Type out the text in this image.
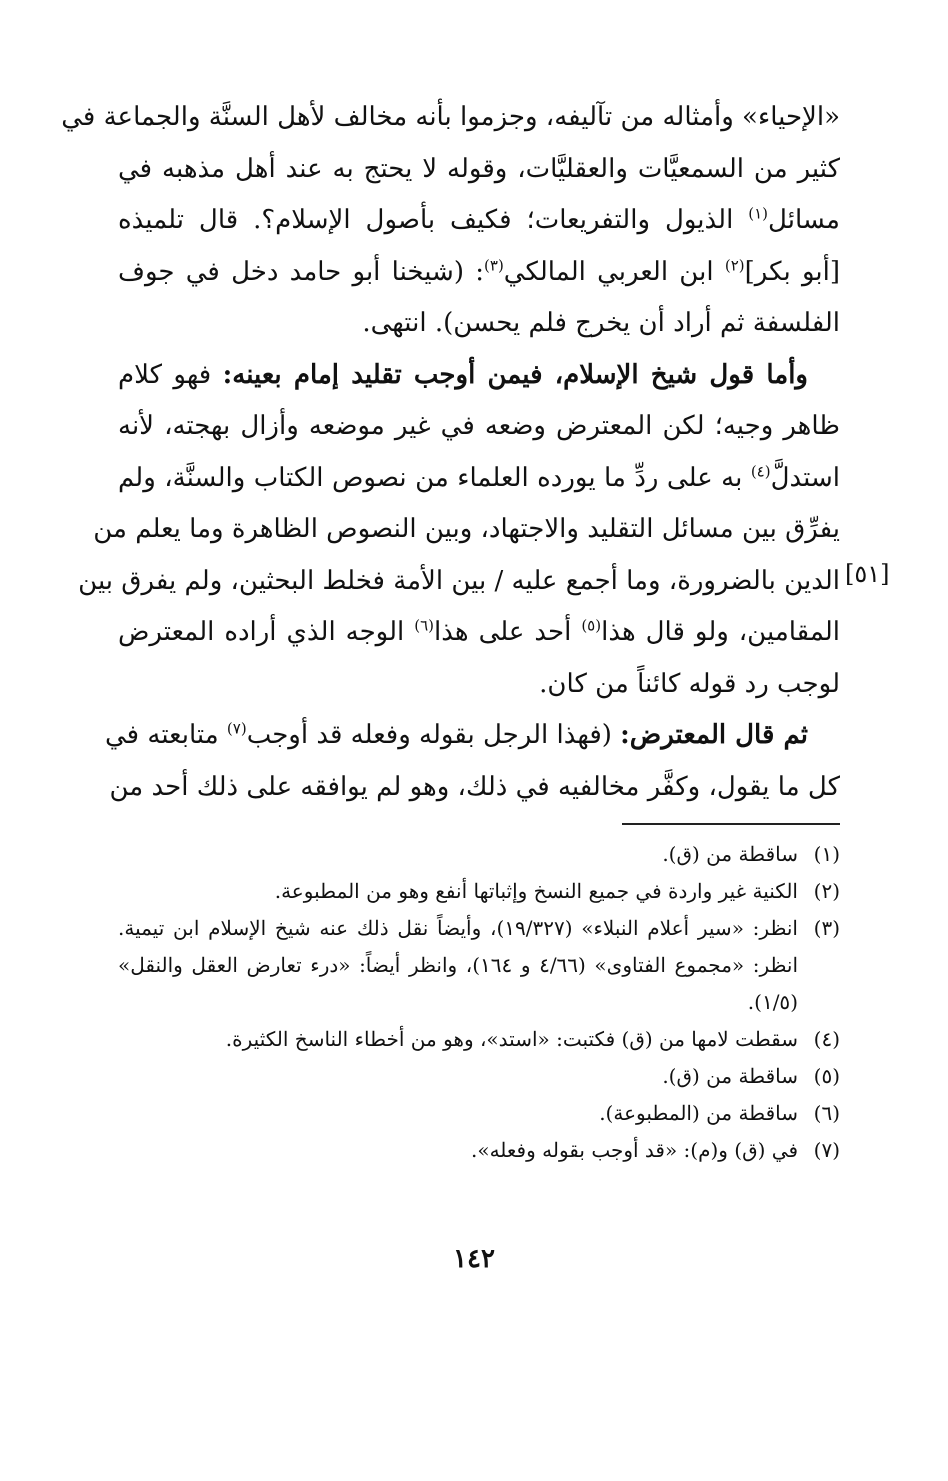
«الإحياء» وأمثاله من تآليفه، وجزموا بأنه مخالف لأهل السنَّة والجماعة في
كثير من السمعيَّات والعقليَّات، وقوله لا يحتج به عند أهل مذهبه في
مسائل$^{(١)}$ الذيول والتفريعات؛ فكيف بأصول الإسلام؟. قال تلميذه
[أبو بكر]$^{(٢)}$ ابن العربي المالكي$^{(٣)}$: (شيخنا أبو حامد دخل في جوف
الفلسفة ثم أراد أن يخرج فلم يحسن). انتهى.

وأما قول شيخ الإسلام، فيمن أوجب تقليد إمام بعينه: فهو كلام
ظاهر وجيه؛ لكن المعترض وضعه في غير موضعه وأزال بهجته، لأنه
استدلَّ$^{(٤)}$ به على ردِّ ما يورده العلماء من نصوص الكتاب والسنَّة، ولم
يفرِّق بين مسائل التقليد والاجتهاد، وبين النصوص الظاهرة وما يعلم من
الدين بالضرورة، وما أجمع عليه / بين الأمة فخلط البحثين، ولم يفرق بين
المقامين، ولو قال هذا$^{(٥)}$ أحد على هذا$^{(٦)}$ الوجه الذي أراده المعترض
لوجب رد قوله كائناً من كان.

ثم قال المعترض: (فهذا الرجل بقوله وفعله قد أوجب$^{(٧)}$ متابعته في
كل ما يقول، وكفَّر مخالفيه في ذلك، وهو لم يوافقه على ذلك أحد من

[٥١]
(١)
ساقطة من (ق).
(٢)
الكنية غير واردة في جميع النسخ وإثباتها أنفع وهو من المطبوعة.
(٣)
انظر: «سير أعلام النبلاء» (١٩/٣٢٧)، وأيضاً نقل ذلك عنه شيخ الإسلام ابن تيمية. انظر: «مجموع الفتاوى» (٤/٦٦ و ١٦٤)، وانظر أيضاً: «درء تعارض العقل والنقل» (١/٥).
(٤)
سقطت لامها من (ق) فكتبت: «استد»، وهو من أخطاء الناسخ الكثيرة.
(٥)
ساقطة من (ق).
(٦)
ساقطة من (المطبوعة).
(٧)
في (ق) و(م): «قد أوجب بقوله وفعله».
١٤٢
